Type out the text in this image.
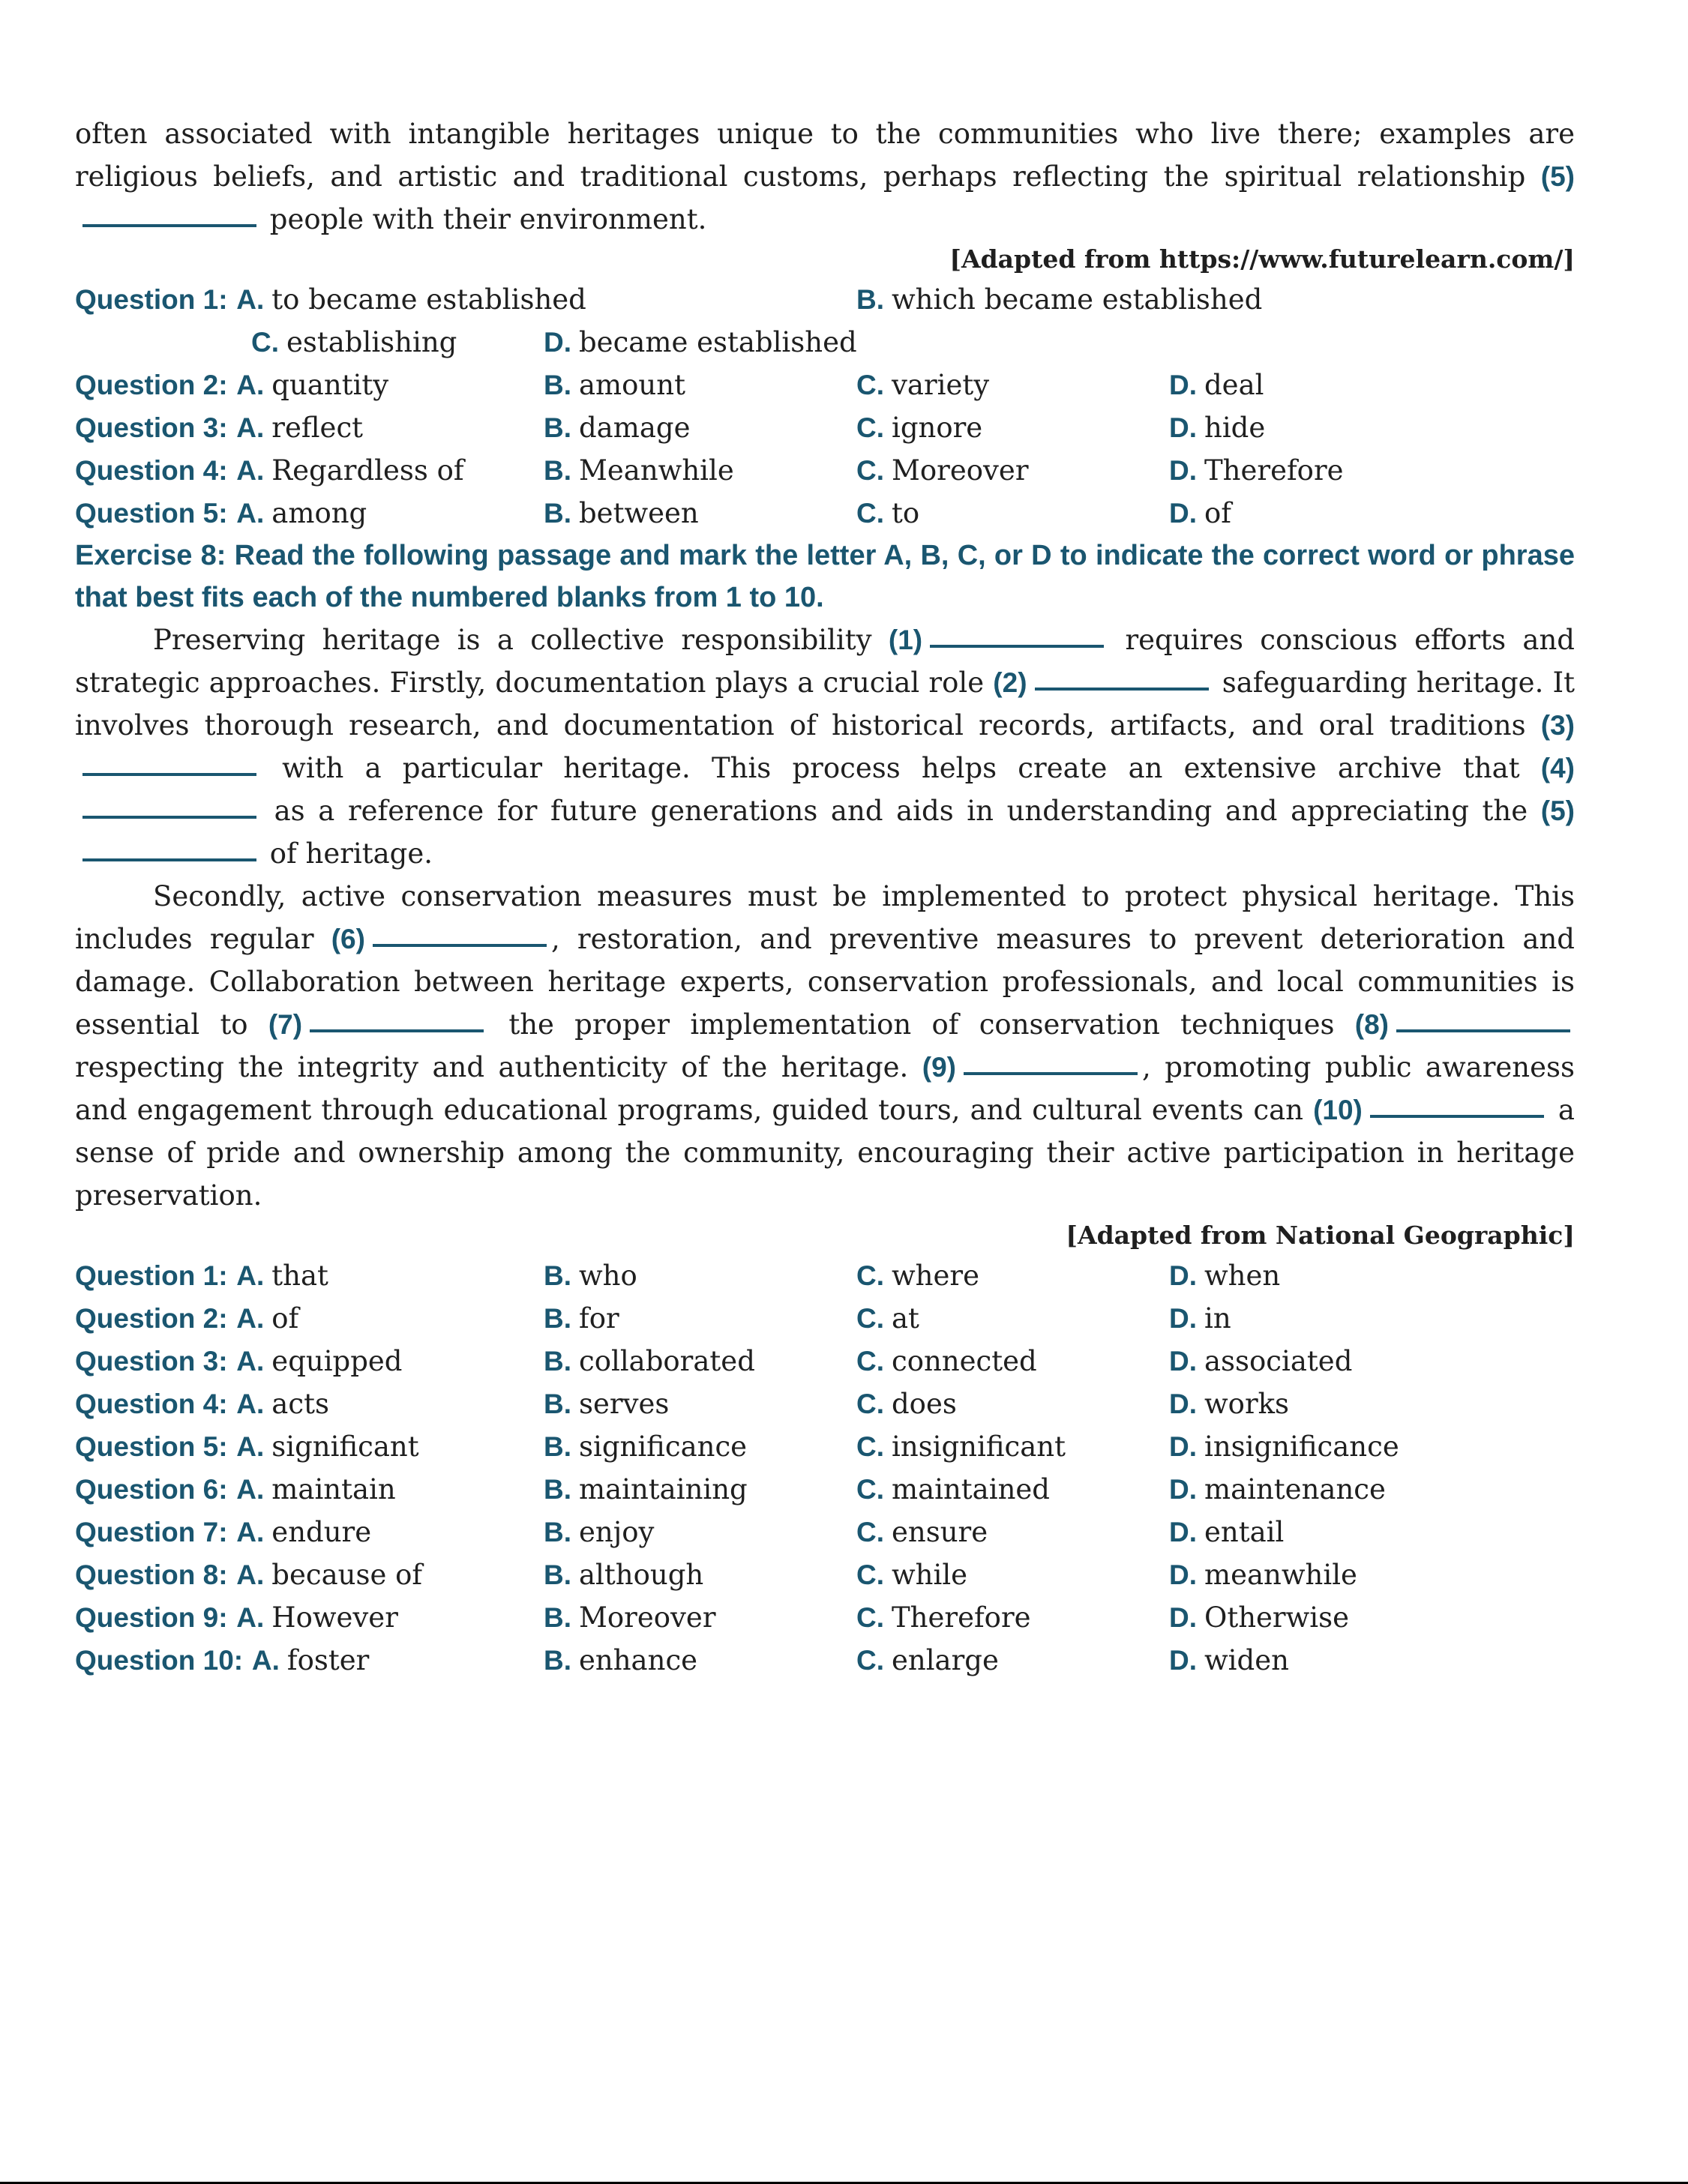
often associated with intangible heritages unique to the communities who live there; examples are religious beliefs, and artistic and traditional customs, perhaps reflecting the spiritual relationship (5) people with their environment.

[Adapted from https://www.futurelearn.com/]
Question 1: A. to became established	B. which became established
C. establishing	D. became established
Question 2: A. quantity	B. amount	C. variety	D. deal
Question 3: A. reflect	B. damage	C. ignore	D. hide
Question 4: A. Regardless of	B. Meanwhile	C. Moreover	D. Therefore
Question 5: A. among	B. between	C. to	D. of

Exercise 8: Read the following passage and mark the letter A, B, C, or D to indicate the correct word or phrase that best fits each of the numbered blanks from 1 to 10.

Preserving heritage is a collective responsibility (1)	requires conscious efforts and strategic approaches. Firstly, documentation plays a crucial role (2)	safeguarding heritage. It involves thorough research, and documentation of historical records, artifacts, and oral traditions (3) with a particular heritage. This process helps create an extensive archive that (4) as a reference for future generations and aids in understanding and appreciating the (5) of heritage.

Secondly, active conservation measures must be implemented to protect physical heritage. This includes regular (6)	, restoration, and preventive measures to prevent deterioration and damage. Collaboration between heritage experts, conservation professionals, and local communities is essential to (7)	the proper implementation of conservation techniques (8) respecting the integrity and authenticity of the heritage. (9)	, promoting public awareness and engagement through educational programs, guided tours, and cultural events can (10)	a sense of pride and ownership among the community, encouraging their active participation in heritage preservation.

[Adapted from National Geographic]
Question 1: A. that	B. who	C. where	D. when
Question 2: A. of	B. for	C. at	D. in
Question 3: A. equipped	B. collaborated	C. connected	D. associated
Question 4: A. acts	B. serves	C. does	D. works
Question 5: A. significant	B. significance	C. insignificant	D. insignificance
Question 6: A. maintain	B. maintaining	C. maintained	D. maintenance
Question 7: A. endure	B. enjoy	C. ensure	D. entail
Question 8: A. because of	B. although	C. while	D. meanwhile
Question 9: A. However	B. Moreover	C. Therefore	D. Otherwise
Question 10: A. foster	B. enhance	C. enlarge	D. widen
